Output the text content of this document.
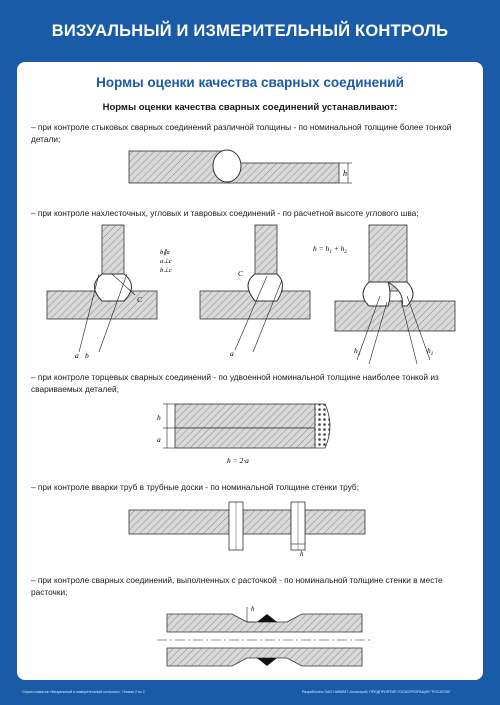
ВИЗУАЛЬНЫЙ И ИЗМЕРИТЕЛЬНЫЙ КОНТРОЛЬ
Нормы оценки качества сварных соединений
Нормы оценки качества сварных соединений устанавливают:
– при контроле стыковых сварных соединений различной толщины - по номинальной толщине более тонкой детали;
– при контроле нахлесточных, угловых и тавровых соединений - по расчетной высоте углового шва;
– при контроле торцевых сварных соединений - по удвоенной номинальной толщине наиболее тонкой из свариваемых деталей;
– при контроле вварки труб в трубные доски - по номинальной толщине стенки труб;
– при контроле сварных соединений, выполненных с расточкой - по номинальной толщине стенки в месте расточки;
h
a b
C
b∥a
a⊥c
b⊥c
a
C
$h = h_1 + h_2$
$h_2$	$h_1$
h
a
h = 2·a
h
h
Серия плакатов «Визуальный и измерительный контроль». Плакат 2 из 2	Разработано ОАО НИКИМТ-Атомстрой, ПРЕДПРИЯТИЕ ГОСКОРПОРАЦИИ "РОСАТОМ"
